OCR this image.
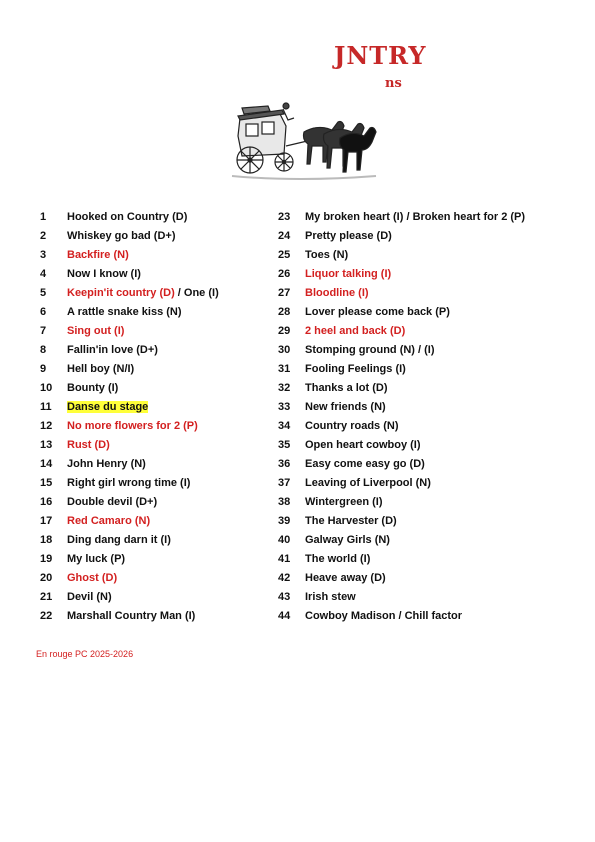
JNTRY
ns
1	Hooked on Country (D)
2	Whiskey go bad (D+)
3	Backfire (N)
4	Now I know (I)
5	Keepin'it country (D) / One (I)
6	A rattle snake kiss (N)
7	Sing out (I)
8	Fallin'in love (D+)
9	Hell boy (N/I)
10	Bounty (I)
11	Danse du stage
12	No more flowers for 2 (P)
13	Rust (D)
14	John Henry (N)
15	Right girl wrong time (I)
16	Double devil (D+)
17	Red Camaro (N)
18	Ding dang darn it (I)
19	My luck (P)
20	Ghost (D)
21	Devil (N)
22	Marshall Country Man (I)
23	My broken heart (I) / Broken heart for 2 (P)
24	Pretty please (D)
25	Toes (N)
26	Liquor talking (I)
27	Bloodline (I)
28	Lover please come back (P)
29	2 heel and back (D)
30	Stomping ground (N) / (I)
31	Fooling Feelings (I)
32	Thanks a lot (D)
33	New friends (N)
34	Country roads (N)
35	Open heart cowboy (I)
36	Easy come easy go (D)
37	Leaving of Liverpool (N)
38	Wintergreen (I)
39	The Harvester (D)
40	Galway Girls (N)
41	The world (I)
42	Heave away (D)
43	Irish stew
44	Cowboy Madison / Chill factor
En rouge PC 2025-2026
